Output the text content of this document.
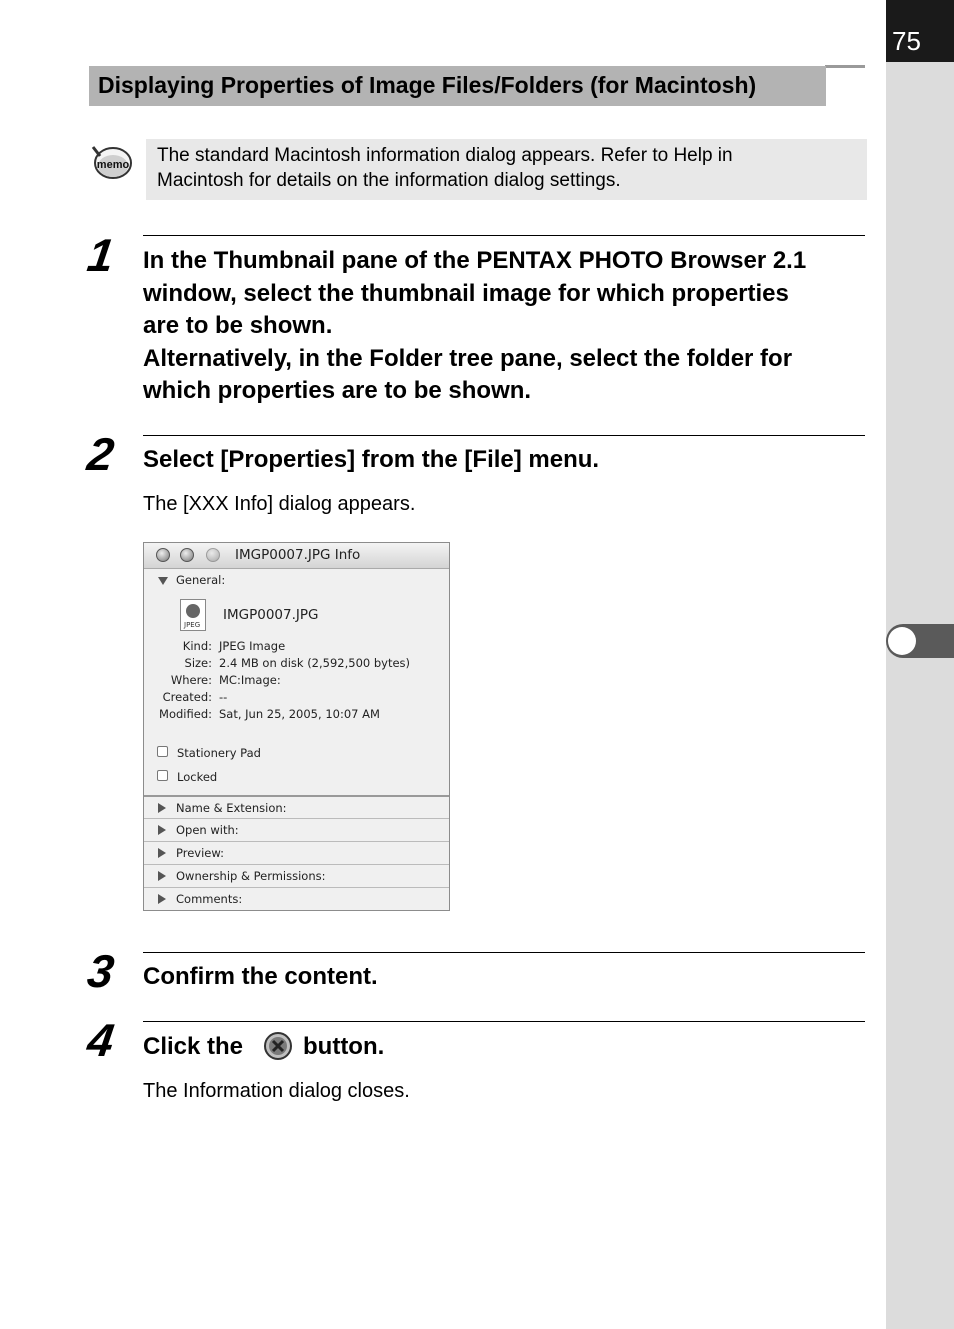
75
Displaying Properties of Image Files/Folders (for Macintosh)
memo The standard Macintosh information dialog appears. Refer to Help in
Macintosh for details on the information dialog settings.
1 In the Thumbnail pane of the PENTAX PHOTO Browser 2.1
window, select the thumbnail image for which properties
are to be shown.
Alternatively, in the Folder tree pane, select the folder for
which properties are to be shown.
2 Select [Properties] from the [File] menu.
The [XXX Info] dialog appears.
IMGP0007.JPG Info
General:
JPEG
IMGP0007.JPG
Kind: JPEG Image
Size: 2.4 MB on disk (2,592,500 bytes)
Where: MC:Image:
Created: --
Modified: Sat, Jun 25, 2005, 10:07 AM
Stationery Pad
Locked
Name & Extension:
Open with:
Preview:
Ownership & Permissions:
Comments:
3 Confirm the content.
4 Click the button.
The Information dialog closes.
